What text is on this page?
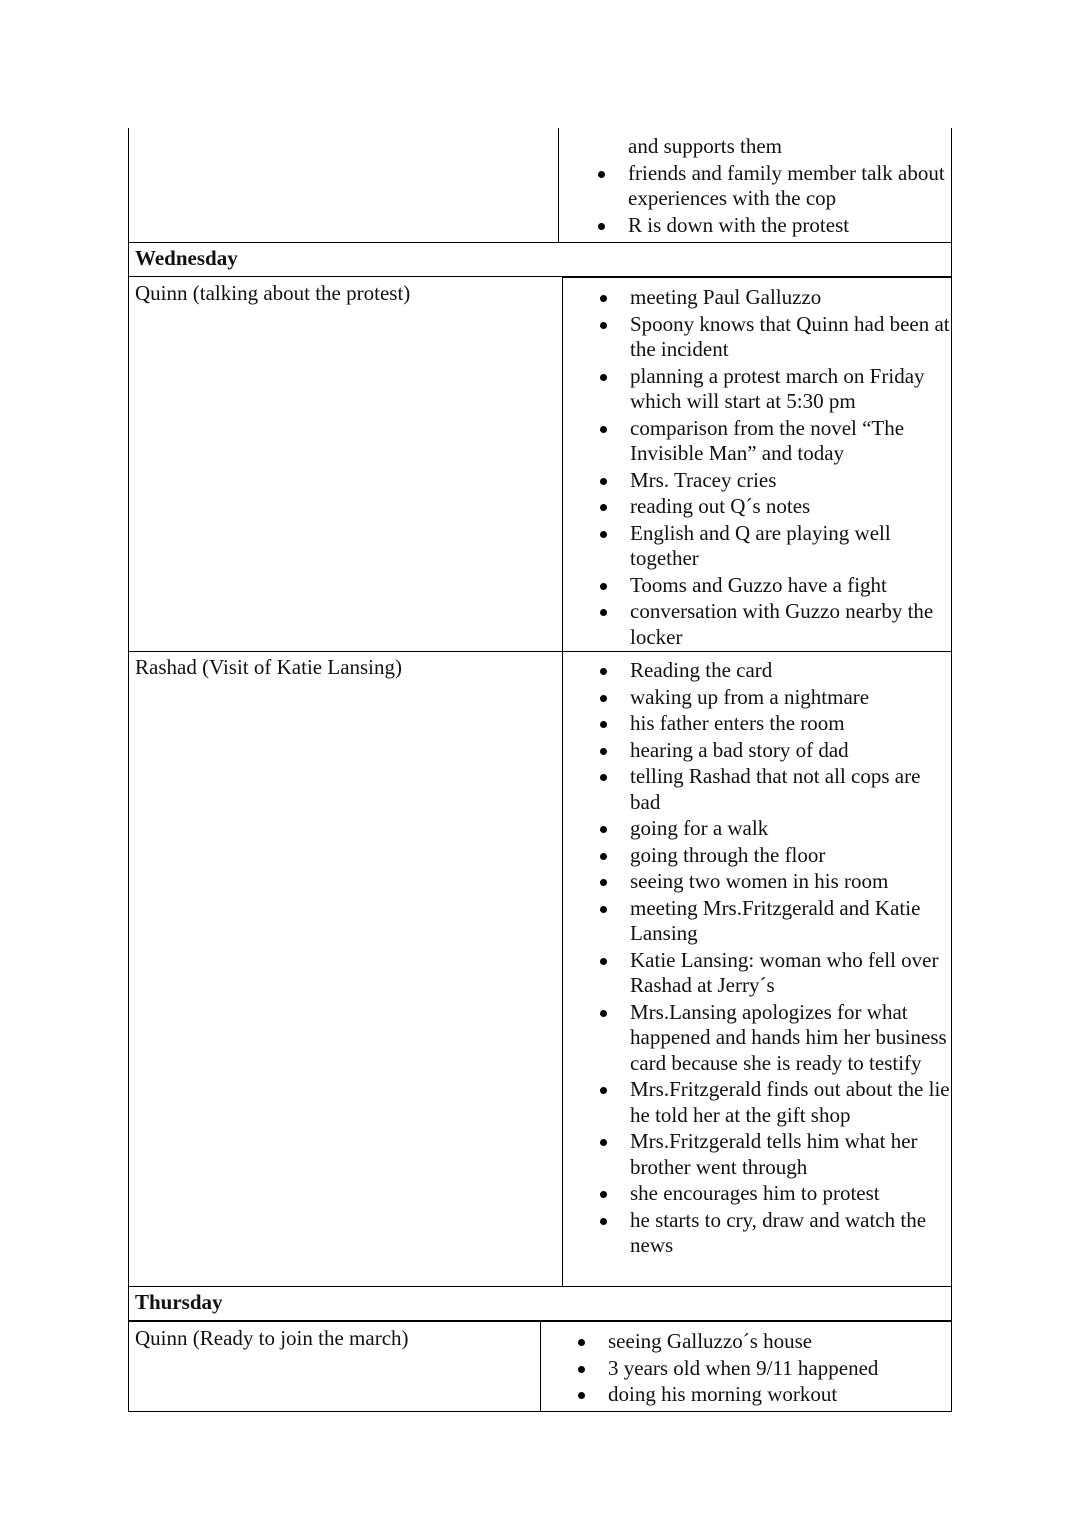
and supports them
friends and family member talk about experiences with the cop
R is down with the protest
Wednesday
Quinn (talking about the protest)	meeting Paul Galluzzo
Spoony knows that Quinn had been at the incident
planning a protest march on Friday which will start at 5:30 pm
comparison from the novel “The Invisible Man” and today
Mrs. Tracey cries
reading out Q´s notes
English and Q are playing well together
Tooms and Guzzo have a fight
conversation with Guzzo nearby the locker
Rashad (Visit of Katie Lansing)	Reading the card
waking up from a nightmare
his father enters the room
hearing a bad story of dad
telling Rashad that not all cops are bad
going for a walk
going through the floor
seeing two women in his room
meeting Mrs.Fritzgerald and Katie Lansing
Katie Lansing: woman who fell over Rashad at Jerry´s
Mrs.Lansing apologizes for what happened and hands him her business card because she is ready to testify
Mrs.Fritzgerald finds out about the lie he told her at the gift shop
Mrs.Fritzgerald tells him what her brother went through
she encourages him to protest
he starts to cry, draw and watch the news
Thursday
Quinn (Ready to join the march)	seeing Galluzzo´s house
3 years old when 9/11 happened
doing his morning workout
